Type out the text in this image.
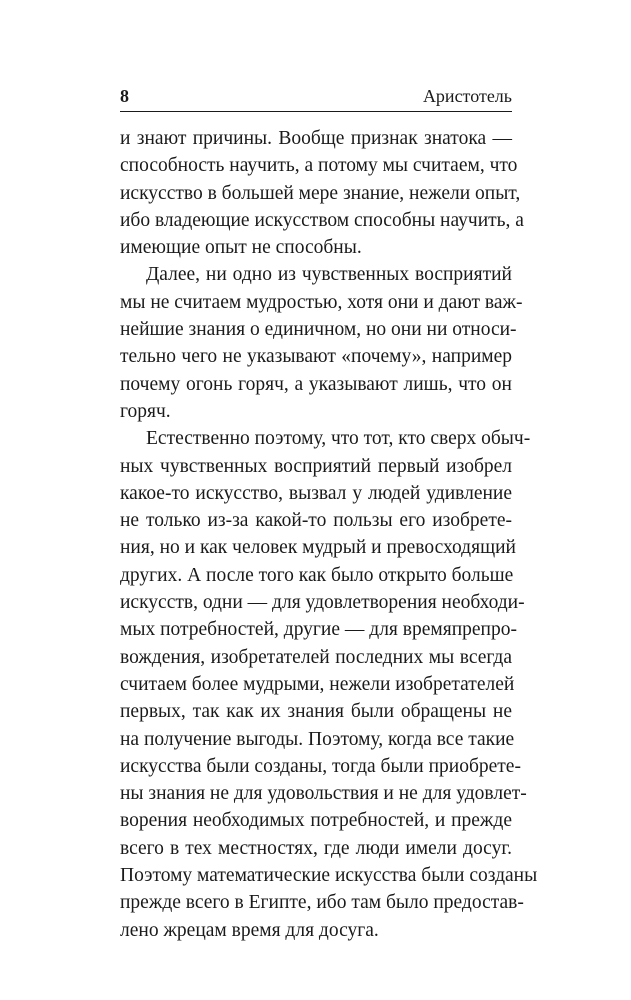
8	Аристотель
и знают причины. Вообще признак знатока —
способность научить, а потому мы считаем, что
искусство в большей мере знание, нежели опыт,
ибо владеющие искусством способны научить, а
имеющие опыт не способны.
Далее, ни одно из чувственных восприятий
мы не считаем мудростью, хотя они и дают важ-
нейшие знания о единичном, но они ни относи-
тельно чего не указывают «почему», например
почему огонь горяч, а указывают лишь, что он
горяч.
Естественно поэтому, что тот, кто сверх обыч-
ных чувственных восприятий первый изобрел
какое-то искусство, вызвал у людей удивление
не только из-за какой-то пользы его изобрете-
ния, но и как человек мудрый и превосходящий
других. А после того как было открыто больше
искусств, одни — для удовлетворения необходи-
мых потребностей, другие — для времяпрепро-
вождения, изобретателей последних мы всегда
считаем более мудрыми, нежели изобретателей
первых, так как их знания были обращены не
на получение выгоды. Поэтому, когда все такие
искусства были созданы, тогда были приобрете-
ны знания не для удовольствия и не для удовлет-
ворения необходимых потребностей, и прежде
всего в тех местностях, где люди имели досуг.
Поэтому математические искусства были созданы
прежде всего в Египте, ибо там было предостав-
лено жрецам время для досуга.
